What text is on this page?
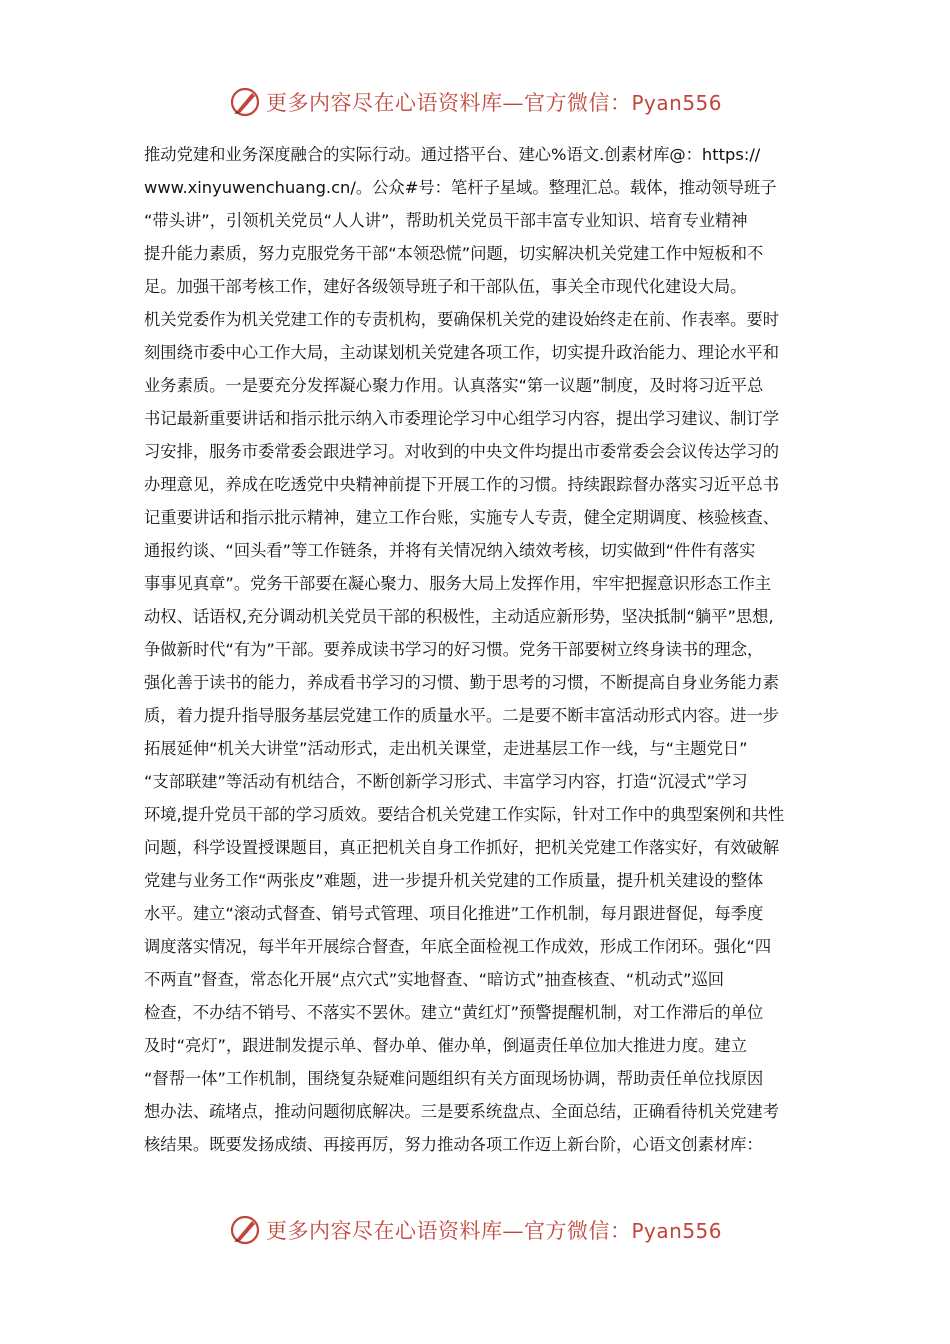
更多内容尽在心语资料库—官方微信：Pyan556

推动党建和业务深度融合的实际行动。通过搭平台、建心%语文.创素材库@：https://

www.xinyuwenchuang.cn/。公众#号：笔杆子星域。整理汇总。载体，推动领导班子

“带头讲”，引领机关党员“人人讲”，帮助机关党员干部丰富专业知识、培育专业精神

提升能力素质，努力克服党务干部“本领恐慌”问题，切实解决机关党建工作中短板和不

足。加强干部考核工作，建好各级领导班子和干部队伍，事关全市现代化建设大局。

机关党委作为机关党建工作的专责机构，要确保机关党的建设始终走在前、作表率。要时

刻围绕市委中心工作大局，主动谋划机关党建各项工作，切实提升政治能力、理论水平和

业务素质。一是要充分发挥凝心聚力作用。认真落实“第一议题”制度，及时将习近平总

书记最新重要讲话和指示批示纳入市委理论学习中心组学习内容，提出学习建议、制订学

习安排，服务市委常委会跟进学习。对收到的中央文件均提出市委常委会会议传达学习的

办理意见，养成在吃透党中央精神前提下开展工作的习惯。持续跟踪督办落实习近平总书

记重要讲话和指示批示精神，建立工作台账，实施专人专责，健全定期调度、核验核查、

通报约谈、“回头看”等工作链条，并将有关情况纳入绩效考核，切实做到“件件有落实

事事见真章”。党务干部要在凝心聚力、服务大局上发挥作用，牢牢把握意识形态工作主

动权、话语权,充分调动机关党员干部的积极性，主动适应新形势，坚决抵制“躺平”思想,

争做新时代“有为”干部。要养成读书学习的好习惯。党务干部要树立终身读书的理念，

强化善于读书的能力，养成看书学习的习惯、勤于思考的习惯，不断提高自身业务能力素

质，着力提升指导服务基层党建工作的质量水平。二是要不断丰富活动形式内容。进一步

拓展延伸“机关大讲堂”活动形式，走出机关课堂，走进基层工作一线，与“主题党日”

“支部联建”等活动有机结合，不断创新学习形式、丰富学习内容，打造“沉浸式”学习

环境,提升党员干部的学习质效。要结合机关党建工作实际，针对工作中的典型案例和共性

问题，科学设置授课题目，真正把机关自身工作抓好，把机关党建工作落实好，有效破解

党建与业务工作“两张皮”难题，进一步提升机关党建的工作质量，提升机关建设的整体

水平。建立“滚动式督查、销号式管理、项目化推进”工作机制，每月跟进督促，每季度

调度落实情况，每半年开展综合督查，年底全面检视工作成效，形成工作闭环。强化“四

不两直”督查，常态化开展“点穴式”实地督查、“暗访式”抽查核查、“机动式”巡回

检查，不办结不销号、不落实不罢休。建立“黄红灯”预警提醒机制，对工作滞后的单位

及时“亮灯”，跟进制发提示单、督办单、催办单，倒逼责任单位加大推进力度。建立

“督帮一体”工作机制，围绕复杂疑难问题组织有关方面现场协调，帮助责任单位找原因

想办法、疏堵点，推动问题彻底解决。三是要系统盘点、全面总结，正确看待机关党建考

核结果。既要发扬成绩、再接再厉，努力推动各项工作迈上新台阶，心语文创素材库：

更多内容尽在心语资料库—官方微信：Pyan556
